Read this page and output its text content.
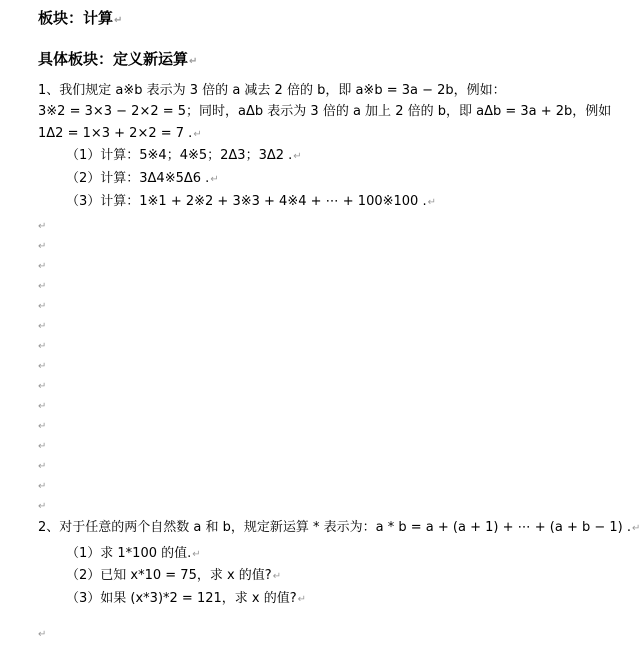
板块：计算↵
具体板块：定义新运算↵
1、我们规定 a※b 表示为 3 倍的 a 减去 2 倍的 b，即 a※b = 3a − 2b，例如：
3※2 = 3×3 − 2×2 = 5；同时，aΔb 表示为 3 倍的 a 加上 2 倍的 b，即 aΔb = 3a + 2b，例如
1Δ2 = 1×3 + 2×2 = 7 .↵
（1）计算：5※4；4※5；2Δ3；3Δ2 .↵
（2）计算：3Δ4※5Δ6 .↵
（3）计算：1※1 + 2※2 + 3※3 + 4※4 + ⋯ + 100※100 .↵
↵
↵
↵
↵
↵
↵
↵
↵
↵
↵
↵
↵
↵
↵
↵
2、对于任意的两个自然数 a 和 b，规定新运算 * 表示为：a * b = a + (a + 1) + ⋯ + (a + b − 1) .↵
（1）求 1*100 的值.↵
（2）已知 x*10 = 75，求 x 的值?↵
（3）如果 (x*3)*2 = 121，求 x 的值?↵
↵
